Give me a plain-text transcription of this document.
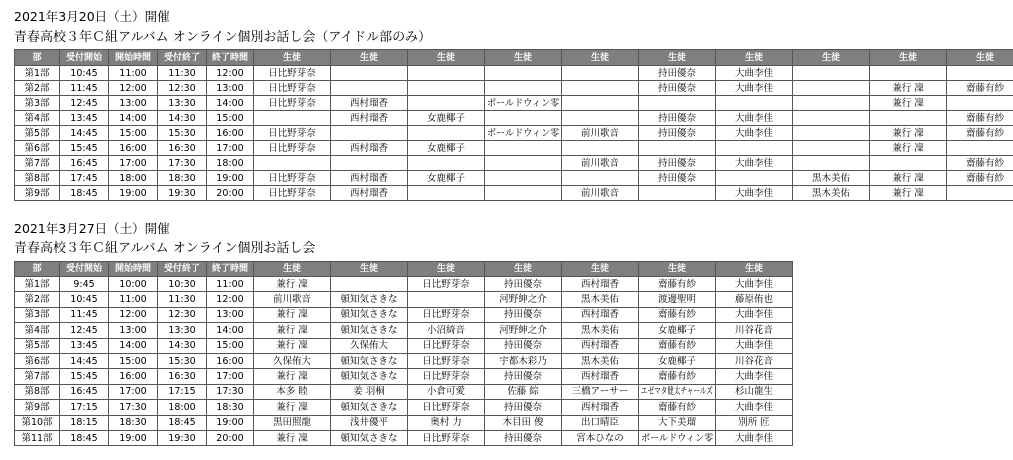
2021年3月20日（土）開催
青春高校３年Ｃ組アルバム オンライン個別お話し会（アイドル部のみ）
部	受付開始	開始時間	受付終了	終了時間	生徒	生徒	生徒	生徒	生徒	生徒	生徒	生徒	生徒	生徒
第1部	10:45	11:00	11:30	12:00	日比野芽奈					持田優奈	大曲李佳			
第2部	11:45	12:00	12:30	13:00	日比野芽奈					持田優奈	大曲李佳		兼行 凜	齋藤有紗
第3部	12:45	13:00	13:30	14:00	日比野芽奈	西村瑠香		ボールドウィン零					兼行 凜	
第4部	13:45	14:00	14:30	15:00		西村瑠香	女鹿椰子			持田優奈	大曲李佳			齋藤有紗
第5部	14:45	15:00	15:30	16:00	日比野芽奈			ボールドウィン零	前川歌音	持田優奈	大曲李佳		兼行 凜	齋藤有紗
第6部	15:45	16:00	16:30	17:00	日比野芽奈	西村瑠香	女鹿椰子						兼行 凜	
第7部	16:45	17:00	17:30	18:00					前川歌音	持田優奈	大曲李佳			齋藤有紗
第8部	17:45	18:00	18:30	19:00	日比野芽奈	西村瑠香	女鹿椰子			持田優奈		黒木美佑	兼行 凜	齋藤有紗
第9部	18:45	19:00	19:30	20:00	日比野芽奈	西村瑠香			前川歌音		大曲李佳	黒木美佑	兼行 凜	
2021年3月27日（土）開催
青春高校３年Ｃ組アルバム オンライン個別お話し会
部	受付開始	開始時間	受付終了	終了時間	生徒	生徒	生徒	生徒	生徒	生徒	生徒
第1部	9:45	10:00	10:30	11:00	兼行 凜		日比野芽奈	持田優奈	西村瑠香	齋藤有紗	大曲李佳
第2部	10:45	11:00	11:30	12:00	前川歌音	頓知気さきな		河野紳之介	黒木美佑	渡邊聖明	藤原侑也
第3部	11:45	12:00	12:30	13:00	兼行 凜	頓知気さきな	日比野芽奈	持田優奈	西村瑠香	齋藤有紗	大曲李佳
第4部	12:45	13:00	13:30	14:00	兼行 凜	頓知気さきな	小沼綺音	河野紳之介	黒木美佑	女鹿椰子	川谷花音
第5部	13:45	14:00	14:30	15:00	兼行 凜	久保侑大	日比野芽奈	持田優奈	西村瑠香	齋藤有紗	大曲李佳
第6部	14:45	15:00	15:30	16:00	久保侑大	頓知気さきな	日比野芽奈	宇都木彩乃	黒木美佑	女鹿椰子	川谷花音
第7部	15:45	16:00	16:30	17:00	兼行 凜	頓知気さきな	日比野芽奈	持田優奈	西村瑠香	齋藤有紗	大曲李佳
第8部	16:45	17:00	17:15	17:30	本多 睦	姜 羽桐	小倉可愛	佐藤 綜	三橋アーサー	エゼマタ健太チャールズ	杉山龍生
第9部	17:15	17:30	18:00	18:30	兼行 凜	頓知気さきな	日比野芽奈	持田優奈	西村瑠香	齋藤有紗	大曲李佳
第10部	18:15	18:30	18:45	19:00	黒田照龍	浅井優平	奥村 力	木目田 俊	出口晴臣	大下美瑠	別所 匠
第11部	18:45	19:00	19:30	20:00	兼行 凜	頓知気さきな	日比野芽奈	持田優奈	宮本ひなの	ボールドウィン零	大曲李佳
